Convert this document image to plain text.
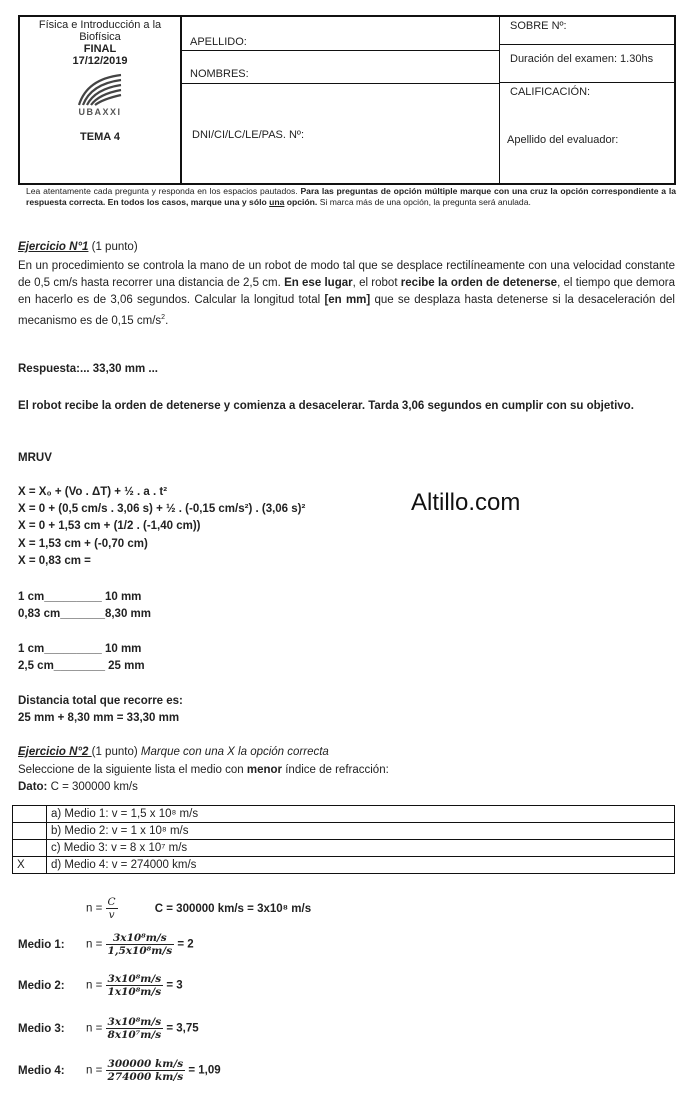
Física e Introducción a la
Biofísica
FINAL
17/12/2019
UBAXXI
TEMA 4
APELLIDO:
NOMBRES:
DNI/CI/LC/LE/PAS. Nº:
SOBRE Nº:
Duración del examen: 1.30hs
CALIFICACIÓN:
Apellido del evaluador:
Lea atentamente cada pregunta y responda en los espacios pautados. Para las preguntas de opción múltiple marque con una cruz la opción correspondiente a la respuesta correcta. En todos los casos, marque una y sólo una opción. Si marca más de una opción, la pregunta será anulada.
Ejercicio N°1 (1 punto)
En un procedimiento se controla la mano de un robot de modo tal que se desplace rectilíneamente con una velocidad constante de 0,5 cm/s hasta recorrer una distancia de 2,5 cm. En ese lugar, el robot recibe la orden de detenerse, el tiempo que demora en hacerlo es de 3,06 segundos. Calcular la longitud total [en mm] que se desplaza hasta detenerse si la desaceleración del mecanismo es de 0,15 $cm/s^2$.
Respuesta:... 33,30 mm ...
El robot recibe la orden de detenerse y comienza a desacelerar. Tarda 3,06 segundos en cumplir con su objetivo.
MRUV
X = X₀ + (Vo . ΔT) + ½ . a . t²
X = 0 + (0,5 cm/s . 3,06 s) + ½ . (-0,15 cm/s²) . (3,06 s)²
X = 0 + 1,53 cm + (1/2 . (-1,40 cm))
X = 1,53 cm + (-0,70 cm)
X = 0,83 cm =
Altillo.com
1 cm_________ 10 mm
0,83 cm_______8,30 mm
1 cm_________ 10 mm
2,5 cm________ 25 mm
Distancia total que recorre es:
25 mm + 8,30 mm = 33,30 mm
Ejercicio N°2 (1 punto) Marque con una X la opción correcta
Seleccione de la siguiente lista el medio con menor índice de refracción:
Dato: C = 300000 km/s
	a) Medio 1: v = 1,5 x 10⁸ m/s
	b) Medio 2: v = 1 x 10⁸ m/s
	c) Medio 3: v = 8 x 10⁷ m/s
X	d) Medio 4: v = 274000 km/s
$n = \frac{C}{v}$	C = 300000 km/s = 3x10⁸ m/s
Medio 1: $n = \frac{\text{3x10⁸m/s}}{\text{1,5x10⁸m/s}} = 2$
Medio 2: $n = \frac{\text{3x10⁸m/s}}{\text{1x10⁸m/s}} = 3$
Medio 3: $n = \frac{\text{3x10⁸m/s}}{\text{8x10⁷m/s}} = 3,75$
Medio 4: $n = \frac{300000 km/s}{274000 km/s} = 1,09$
